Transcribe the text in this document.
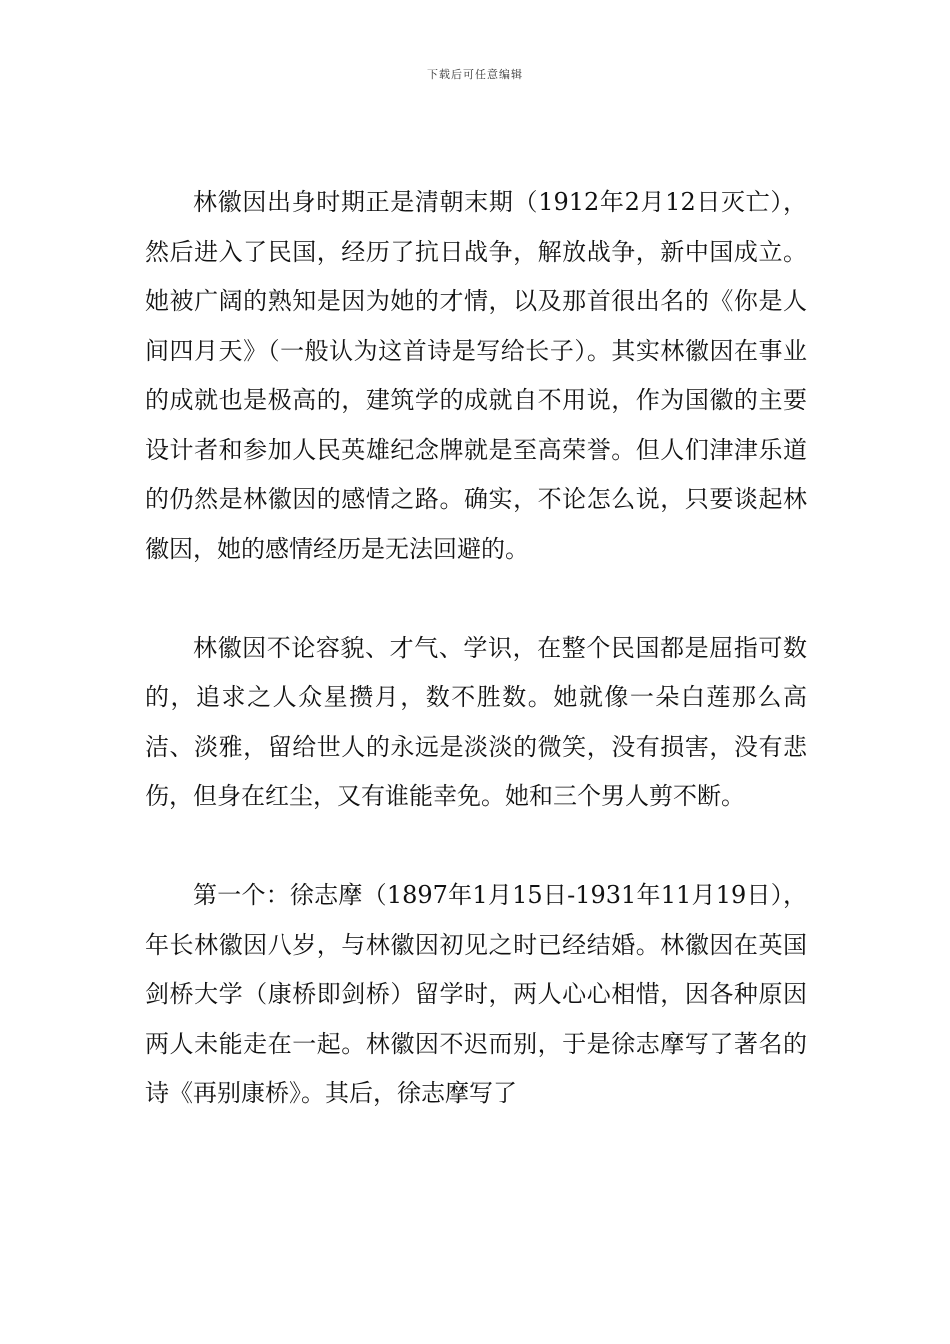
下载后可任意编辑

林徽因出身时期正是清朝末期（1912年2月12日灭亡），然后进入了民国，经历了抗日战争，解放战争，新中国成立。她被广阔的熟知是因为她的才情，以及那首很出名的《你是人间四月天》（一般认为这首诗是写给长子）。其实林徽因在事业的成就也是极高的，建筑学的成就自不用说，作为国徽的主要设计者和参加人民英雄纪念牌就是至高荣誉。但人们津津乐道的仍然是林徽因的感情之路。确实，不论怎么说，只要谈起林徽因，她的感情经历是无法回避的。

林徽因不论容貌、才气、学识，在整个民国都是屈指可数的，追求之人众星攒月，数不胜数。她就像一朵白莲那么高洁、淡雅，留给世人的永远是淡淡的微笑，没有损害，没有悲伤，但身在红尘，又有谁能幸免。她和三个男人剪不断。

第一个：徐志摩（1897年1月15日-1931年11月19日），年长林徽因八岁，与林徽因初见之时已经结婚。林徽因在英国剑桥大学（康桥即剑桥）留学时，两人心心相惜，因各种原因两人未能走在一起。林徽因不迟而别，于是徐志摩写了著名的诗《再别康桥》。其后，徐志摩写了
